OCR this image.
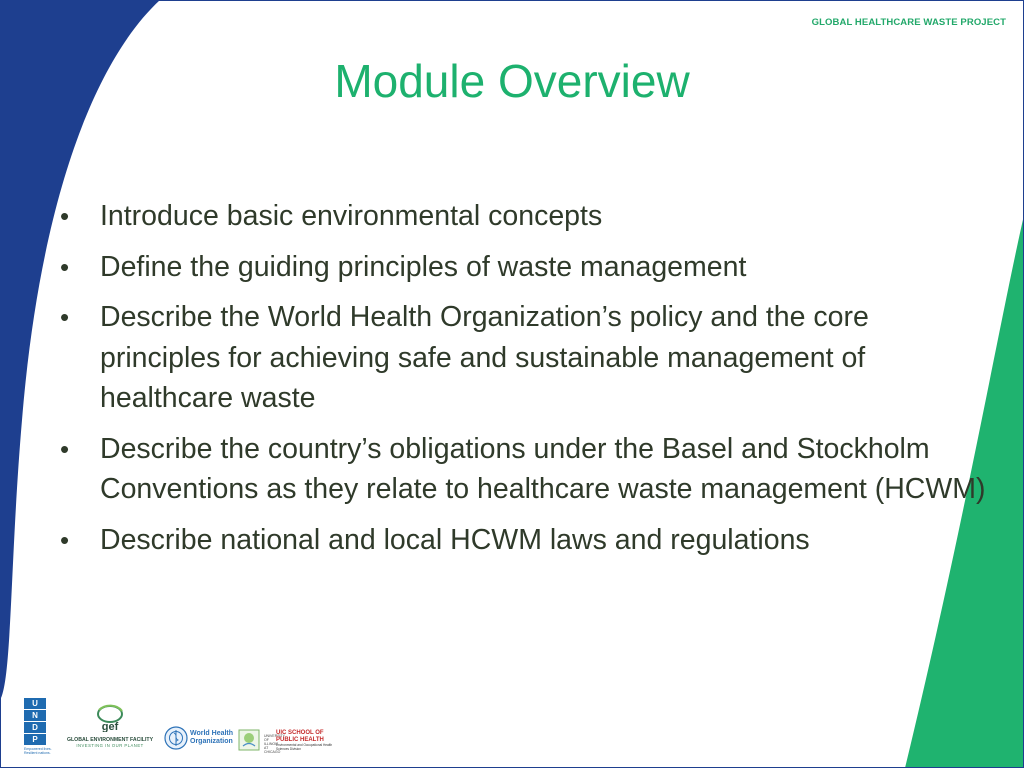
GLOBAL HEALTHCARE WASTE PROJECT
Module Overview
• Introduce basic environmental concepts
• Define the guiding principles of waste management
• Describe the World Health Organization’s policy and the core principles for achieving safe and sustainable management of healthcare waste
• Describe the country’s obligations under the Basel and Stockholm Conventions as they relate to healthcare waste management (HCWM)
• Describe national and local HCWM laws and regulations
U
N
D
P
Empowered lives. Resilient nations.
gef
GLOBAL ENVIRONMENT FACILITY
INVESTING IN OUR PLANET
World Health
Organization
UNIVERSITY OF ILLINOIS AT CHICAGO
UIC SCHOOL OF
PUBLIC HEALTH
Environmental and Occupational Health Sciences Division
